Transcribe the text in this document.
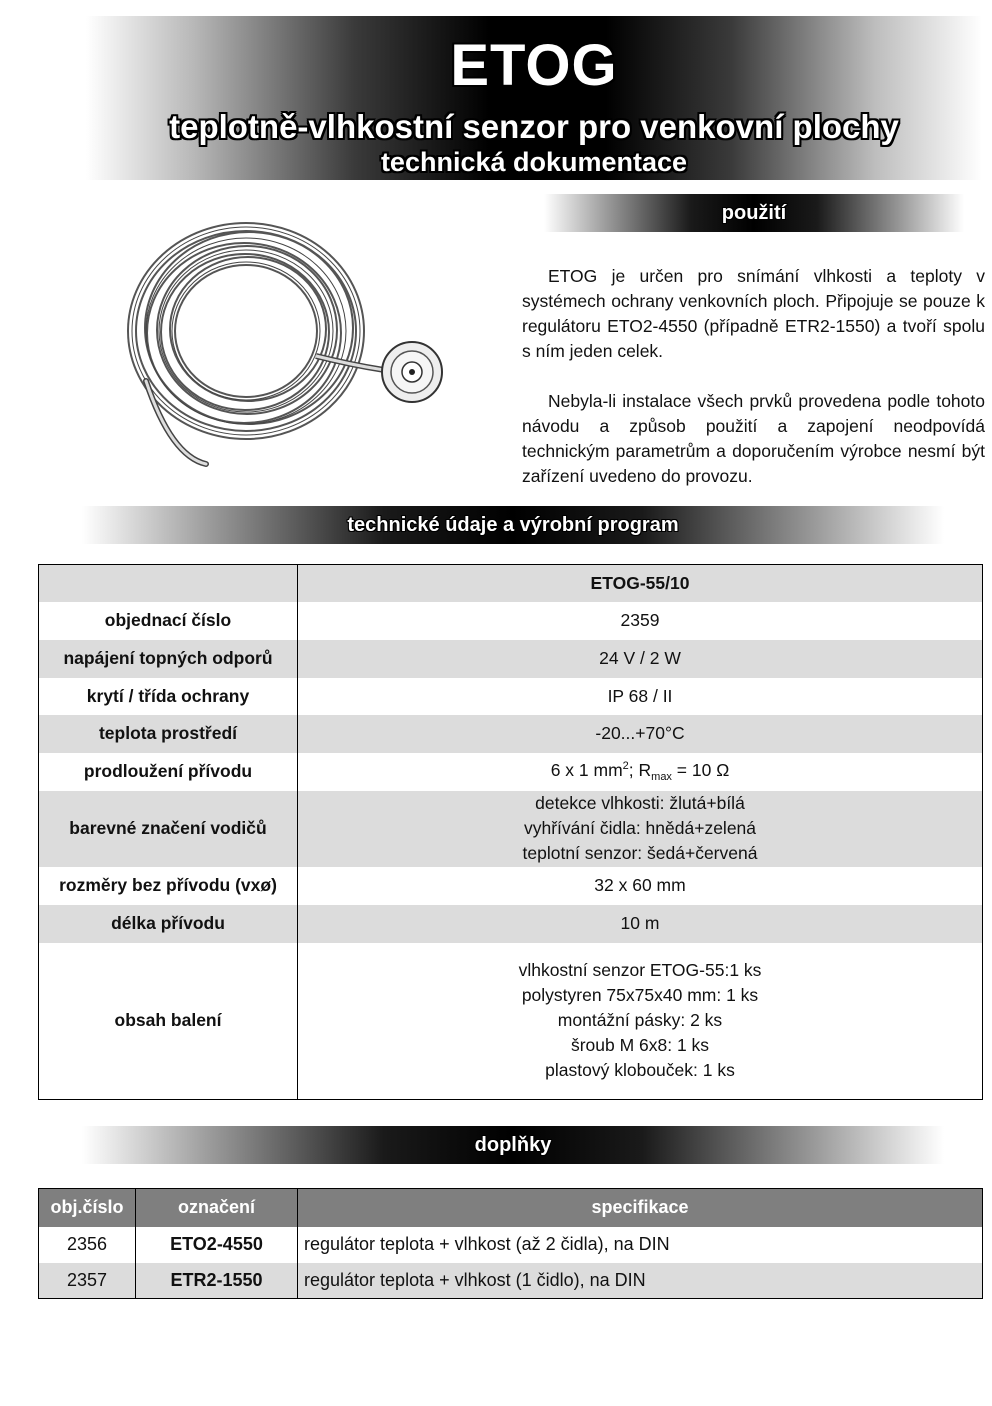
ETOG
teplotně-vlhkostní senzor pro venkovní plochy
technická dokumentace
použití

ETOG je určen pro snímání vlhkosti a teploty v systémech ochrany venkovních ploch. Připojuje se pouze k regulátoru ETO2-4550 (případně ETR2-1550) a tvoří spolu s ním jeden celek.

Nebyla-li instalace všech prvků provedena podle tohoto návodu a způsob použití a zapojení neodpovídá technickým parametrům a doporučením výrobce nesmí být zařízení uvedeno do provozu.

technické údaje a výrobní program
	ETOG-55/10
objednací číslo	2359
napájení topných odporů	24 V / 2 W
krytí / třída ochrany	IP 68 / II
teplota prostředí	-20...+70°C
prodloužení přívodu	6 x 1 $mm^2$; $R_{max} = 10$ Ω
barevné značení vodičů	detekce vlhkosti: žlutá+bílá
vyhřívání čidla: hnědá+zelená
teplotní senzor: šedá+červená

rozměry bez přívodu (vxø)	32 x 60 mm
délka přívodu	10 m
obsah balení	vlhkostní senzor ETOG-55:1 ks
polystyren 75x75x40 mm: 1 ks
montážní pásky: 2 ks
šroub M 6x8: 1 ks
plastový klobouček: 1 ks
doplňky
obj.číslo	označení	specifikace
2356	ETO2-4550	regulátor teplota + vlhkost (až 2 čidla), na DIN
2357	ETR2-1550	regulátor teplota + vlhkost (1 čidlo), na DIN
